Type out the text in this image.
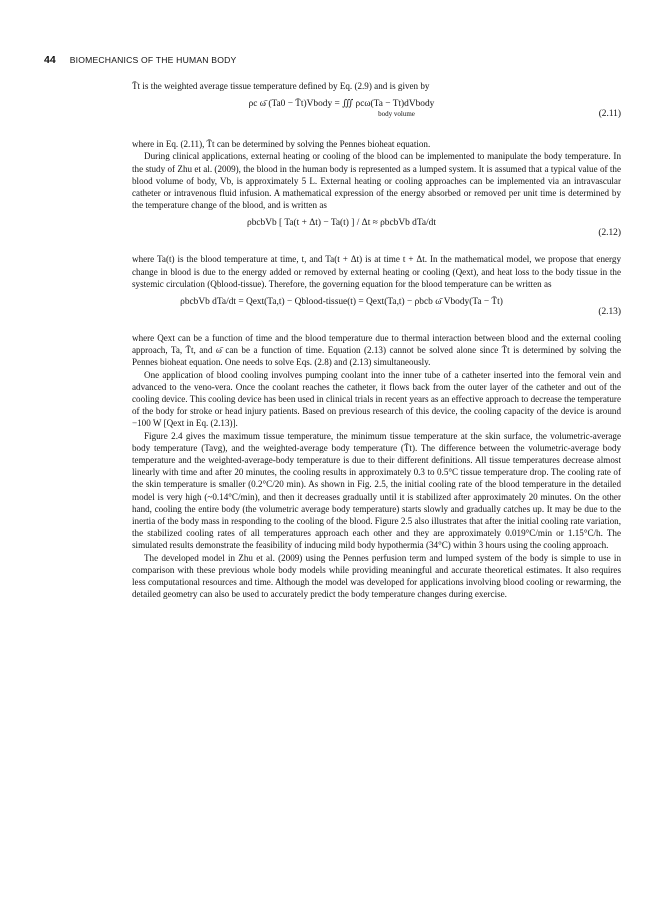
44 BIOMECHANICS OF THE HUMAN BODY

T̄t is the weighted average tissue temperature defined by Eq. (2.9) and is given by

ρc ω̄ (Ta0 − T̄t)Vbody = ∭ ρcω(Ta − Tt)dVbody
body volume	(2.11)

where in Eq. (2.11), T̄t can be determined by solving the Pennes bioheat equation.

During clinical applications, external heating or cooling of the blood can be implemented to manipulate the body temperature. In the study of Zhu et al. (2009), the blood in the human body is represented as a lumped system. It is assumed that a typical value of the blood volume of body, Vb, is approximately 5 L. External heating or cooling approaches can be implemented via an intravascular catheter or intravenous fluid infusion. A mathematical expression of the energy absorbed or removed per unit time is determined by the temperature change of the blood, and is written as

ρbcbVb [ Ta(t + Δt) − Ta(t) ] / Δt ≈ ρbcbVb dTa/dt
(2.12)

where Ta(t) is the blood temperature at time, t, and Ta(t + Δt) is at time t + Δt. In the mathematical model, we propose that energy change in blood is due to the energy added or removed by external heating or cooling (Qext), and heat loss to the body tissue in the systemic circulation (Qblood-tissue). Therefore, the governing equation for the blood temperature can be written as

ρbcbVb dTa/dt = Qext(Ta,t) − Qblood-tissue(t) = Qext(Ta,t) − ρbcb ω̄ Vbody(Ta − T̄t)
(2.13)

where Qext can be a function of time and the blood temperature due to thermal interaction between blood and the external cooling approach, Ta, T̄t, and ω̄ can be a function of time. Equation (2.13) cannot be solved alone since T̄t is determined by solving the Pennes bioheat equation. One needs to solve Eqs. (2.8) and (2.13) simultaneously.

One application of blood cooling involves pumping coolant into the inner tube of a catheter inserted into the femoral vein and advanced to the veno-vera. Once the coolant reaches the catheter, it flows back from the outer layer of the catheter and out of the cooling device. This cooling device has been used in clinical trials in recent years as an effective approach to decrease the temperature of the body for stroke or head injury patients. Based on previous research of this device, the cooling capacity of the device is around −100 W [Qext in Eq. (2.13)].

Figure 2.4 gives the maximum tissue temperature, the minimum tissue temperature at the skin surface, the volumetric-average body temperature (Tavg), and the weighted-average body temperature (T̄t). The difference between the volumetric-average body temperature and the weighted-average-body temperature is due to their different definitions. All tissue temperatures decrease almost linearly with time and after 20 minutes, the cooling results in approximately 0.3 to 0.5°C tissue temperature drop. The cooling rate of the skin temperature is smaller (0.2°C/20 min). As shown in Fig. 2.5, the initial cooling rate of the blood temperature in the detailed model is very high (~0.14°C/min), and then it decreases gradually until it is stabilized after approximately 20 minutes. On the other hand, cooling the entire body (the volumetric average body temperature) starts slowly and gradually catches up. It may be due to the inertia of the body mass in responding to the cooling of the blood. Figure 2.5 also illustrates that after the initial cooling rate variation, the stabilized cooling rates of all temperatures approach each other and they are approximately 0.019°C/min or 1.15°C/h. The simulated results demonstrate the feasibility of inducing mild body hypothermia (34°C) within 3 hours using the cooling approach.

The developed model in Zhu et al. (2009) using the Pennes perfusion term and lumped system of the body is simple to use in comparison with these previous whole body models while providing meaningful and accurate theoretical estimates. It also requires less computational resources and time. Although the model was developed for applications involving blood cooling or rewarming, the detailed geometry can also be used to accurately predict the body temperature changes during exercise.
